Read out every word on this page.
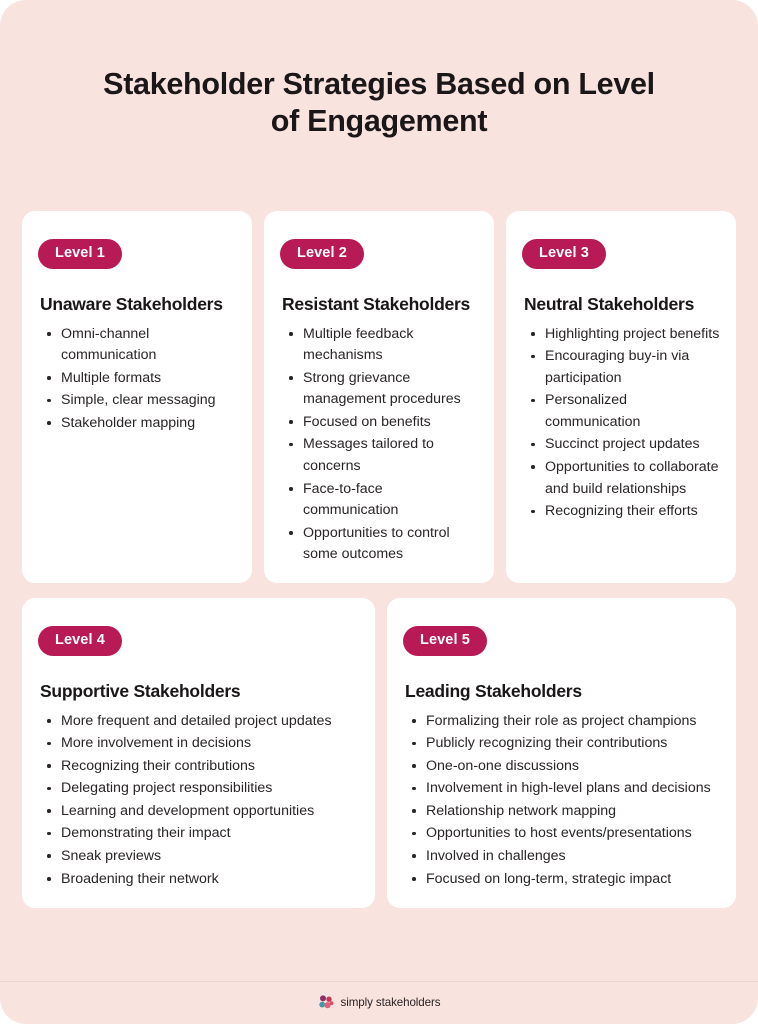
Stakeholder Strategies Based on Level
of Engagement
Level 1
Unaware Stakeholders
Omni-channel communication
Multiple formats
Simple, clear messaging
Stakeholder mapping
Level 2
Resistant Stakeholders
Multiple feedback mechanisms
Strong grievance management procedures
Focused on benefits
Messages tailored to concerns
Face-to-face communication
Opportunities to control some outcomes
Level 3
Neutral Stakeholders
Highlighting project benefits
Encouraging buy-in via participation
Personalized communication
Succinct project updates
Opportunities to collaborate and build relationships
Recognizing their efforts
Level 4
Supportive Stakeholders
More frequent and detailed project updates
More involvement in decisions
Recognizing their contributions
Delegating project responsibilities
Learning and development opportunities
Demonstrating their impact
Sneak previews
Broadening their network
Level 5
Leading Stakeholders
Formalizing their role as project champions
Publicly recognizing their contributions
One-on-one discussions
Involvement in high-level plans and decisions
Relationship network mapping
Opportunities to host events/presentations
Involved in challenges
Focused on long-term, strategic impact
simply stakeholders
